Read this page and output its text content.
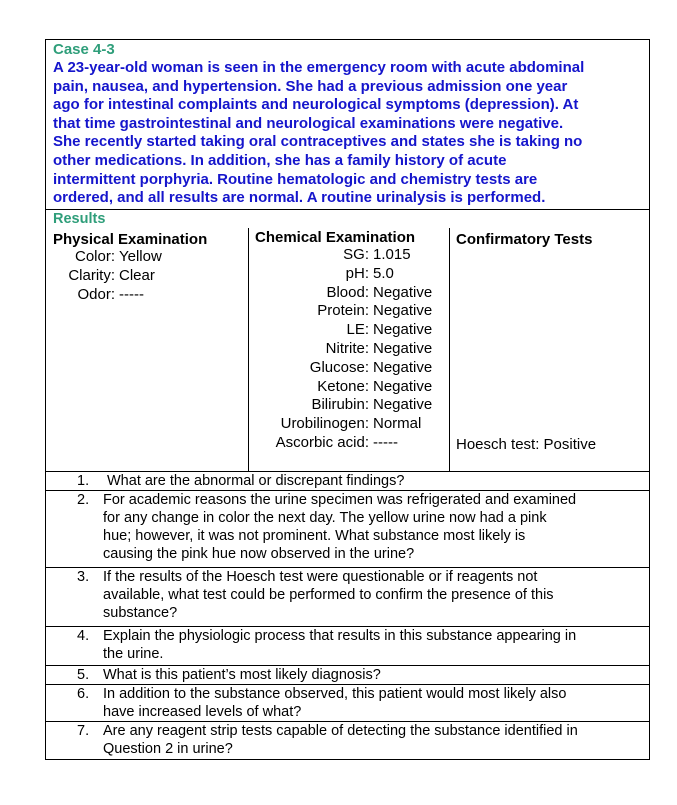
Case 4-3
A 23-year-old woman is seen in the emergency room with acute abdominal
pain, nausea, and hypertension. She had a previous admission one year
ago for intestinal complaints and neurological symptoms (depression). At
that time gastrointestinal and neurological examinations were negative.
She recently started taking oral contraceptives and states she is taking no
other medications. In addition, she has a family history of acute
intermittent porphyria. Routine hematologic and chemistry tests are
ordered, and all results are normal. A routine urinalysis is performed.
Results
Physical Examination
Color: Yellow
Clarity: Clear
Odor: -----
Chemical Examination
SG: 1.015
pH: 5.0
Blood: Negative
Protein: Negative
LE: Negative
Nitrite: Negative
Glucose: Negative
Ketone: Negative
Bilirubin: Negative
Urobilinogen: Normal
Ascorbic acid: -----
Confirmatory Tests
Hoesch test: Positive
1. What are the abnormal or discrepant findings?
2. For academic reasons the urine specimen was refrigerated and examined
for any change in color the next day. The yellow urine now had a pink
hue; however, it was not prominent. What substance most likely is
causing the pink hue now observed in the urine?
3. If the results of the Hoesch test were questionable or if reagents not
available, what test could be performed to confirm the presence of this
substance?
4. Explain the physiologic process that results in this substance appearing in
the urine.
5. What is this patient’s most likely diagnosis?
6. In addition to the substance observed, this patient would most likely also
have increased levels of what?
7. Are any reagent strip tests capable of detecting the substance identified in
Question 2 in urine?
